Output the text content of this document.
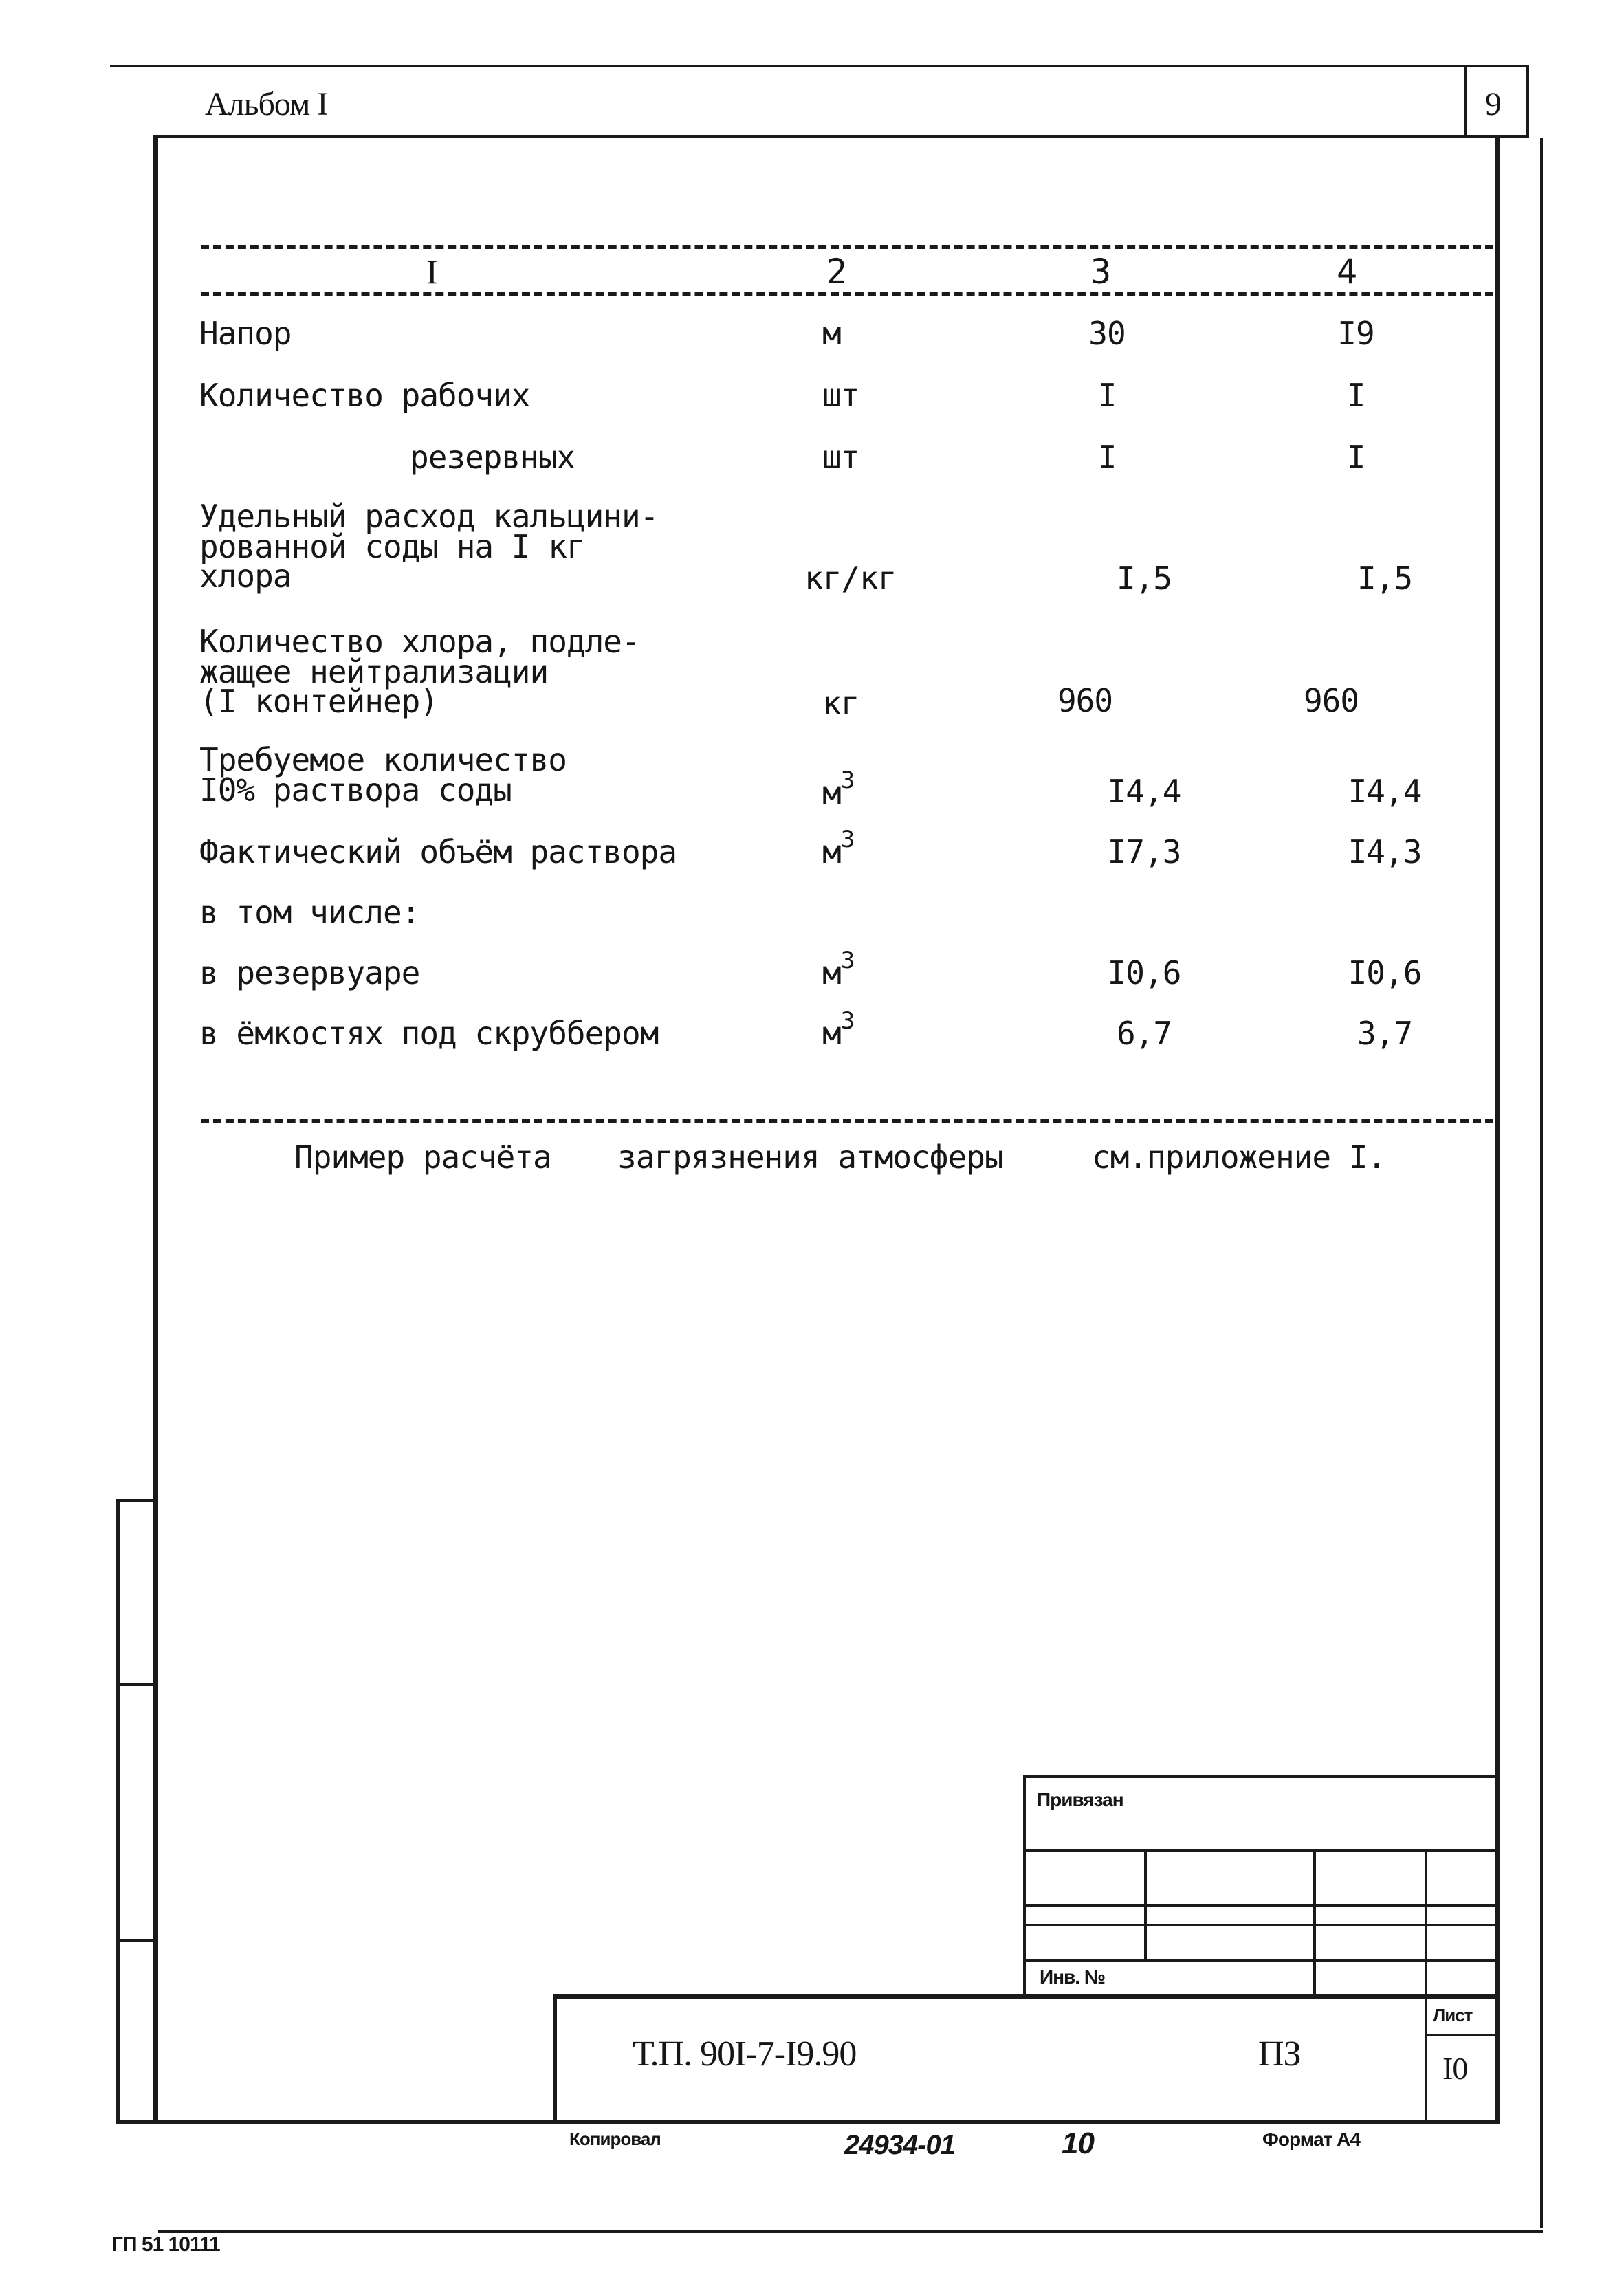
Альбом I	9
I	2	3	4
Напор	м	30	I9
Количество рабочих	шт	I	I
резервных	шт	I	I
Удельный расход кальцини-
рованной соды на I кг
хлора	кг/кг	I,5	I,5
Количество хлора, подле-
жащее нейтрализации
(I контейнер)	кг	960	960
Требуемое количество
I0% раствора соды	$м^3$	I4,4	I4,4
Фактический объём раствора	$м^3$	I7,3	I4,3
в том числе:
в резервуаре	$м^3$	I0,6	I0,6
в ёмкостях под скруббером	$м^3$	6,7	3,7
Пример расчёта загрязнения атмосферы	см.приложение I.
Привязан
Инв. №
Т.П. 90I-7-I9.90	ПЗ
Лист
I0
Копировал	24934-01	10	Формат А4
ГП 51 10111
